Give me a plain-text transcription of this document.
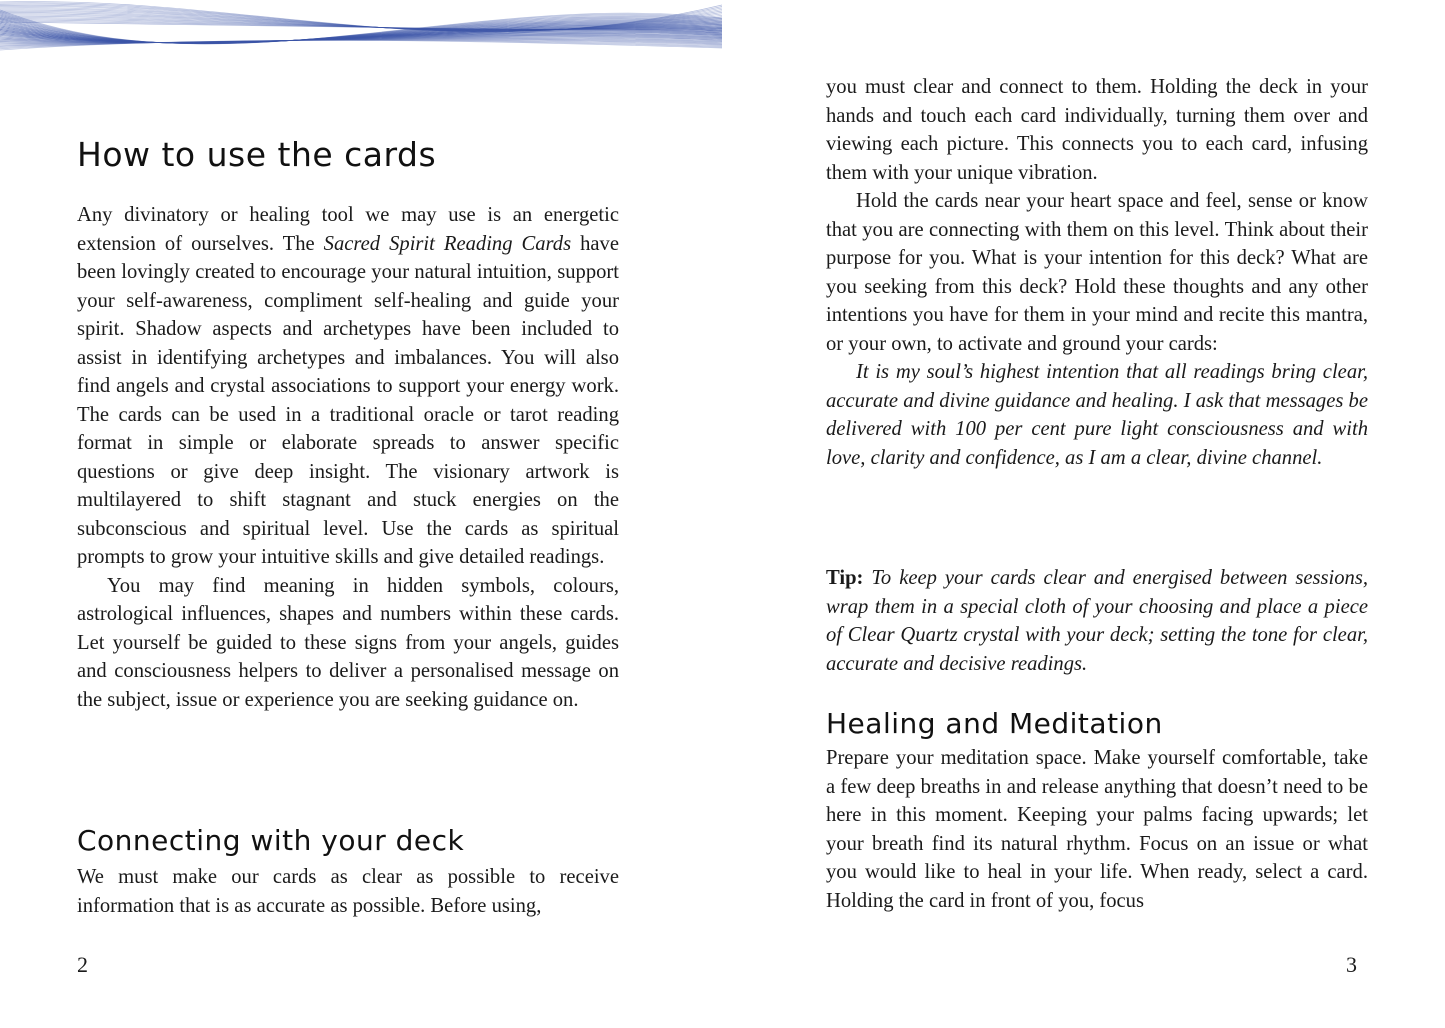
How to use the cards

Any divinatory or healing tool we may use is an energetic extension of ourselves. The Sacred Spirit Reading Cards have been lovingly created to encourage your natural intuition, support your self-awareness, compliment self-healing and guide your spirit. Shadow aspects and archetypes have been included to assist in identifying archetypes and imbalances. You will also find angels and crystal associations to support your energy work. The cards can be used in a traditional oracle or tarot reading format in simple or elaborate spreads to answer specific questions or give deep insight. The visionary artwork is multilayered to shift stagnant and stuck energies on the subconscious and spiritual level. Use the cards as spiritual prompts to grow your intuitive skills and give detailed readings.

You may find meaning in hidden symbols, colours, astrological influences, shapes and numbers within these cards. Let yourself be guided to these signs from your angels, guides and consciousness helpers to deliver a personalised message on the subject, issue or experience you are seeking guidance on.

Connecting with your deck

We must make our cards as clear as possible to receive information that is as accurate as possible. Before using,

2

you must clear and connect to them. Holding the deck in your hands and touch each card individually, turning them over and viewing each picture. This connects you to each card, infusing them with your unique vibration.

Hold the cards near your heart space and feel, sense or know that you are connecting with them on this level. Think about their purpose for you. What is your intention for this deck? What are you seeking from this deck? Hold these thoughts and any other intentions you have for them in your mind and recite this mantra, or your own, to activate and ground your cards:

It is my soul’s highest intention that all readings bring clear, accurate and divine guidance and healing. I ask that messages be delivered with 100 per cent pure light consciousness and with love, clarity and confidence, as I am a clear, divine channel.

Tip: To keep your cards clear and energised between sessions, wrap them in a special cloth of your choosing and place a piece of Clear Quartz crystal with your deck; setting the tone for clear, accurate and decisive readings.

Healing and Meditation

Prepare your meditation space. Make yourself comfortable, take a few deep breaths in and release anything that doesn’t need to be here in this moment. Keeping your palms facing upwards; let your breath find its natural rhythm. Focus on an issue or what you would like to heal in your life. When ready, select a card. Holding the card in front of you, focus

3
